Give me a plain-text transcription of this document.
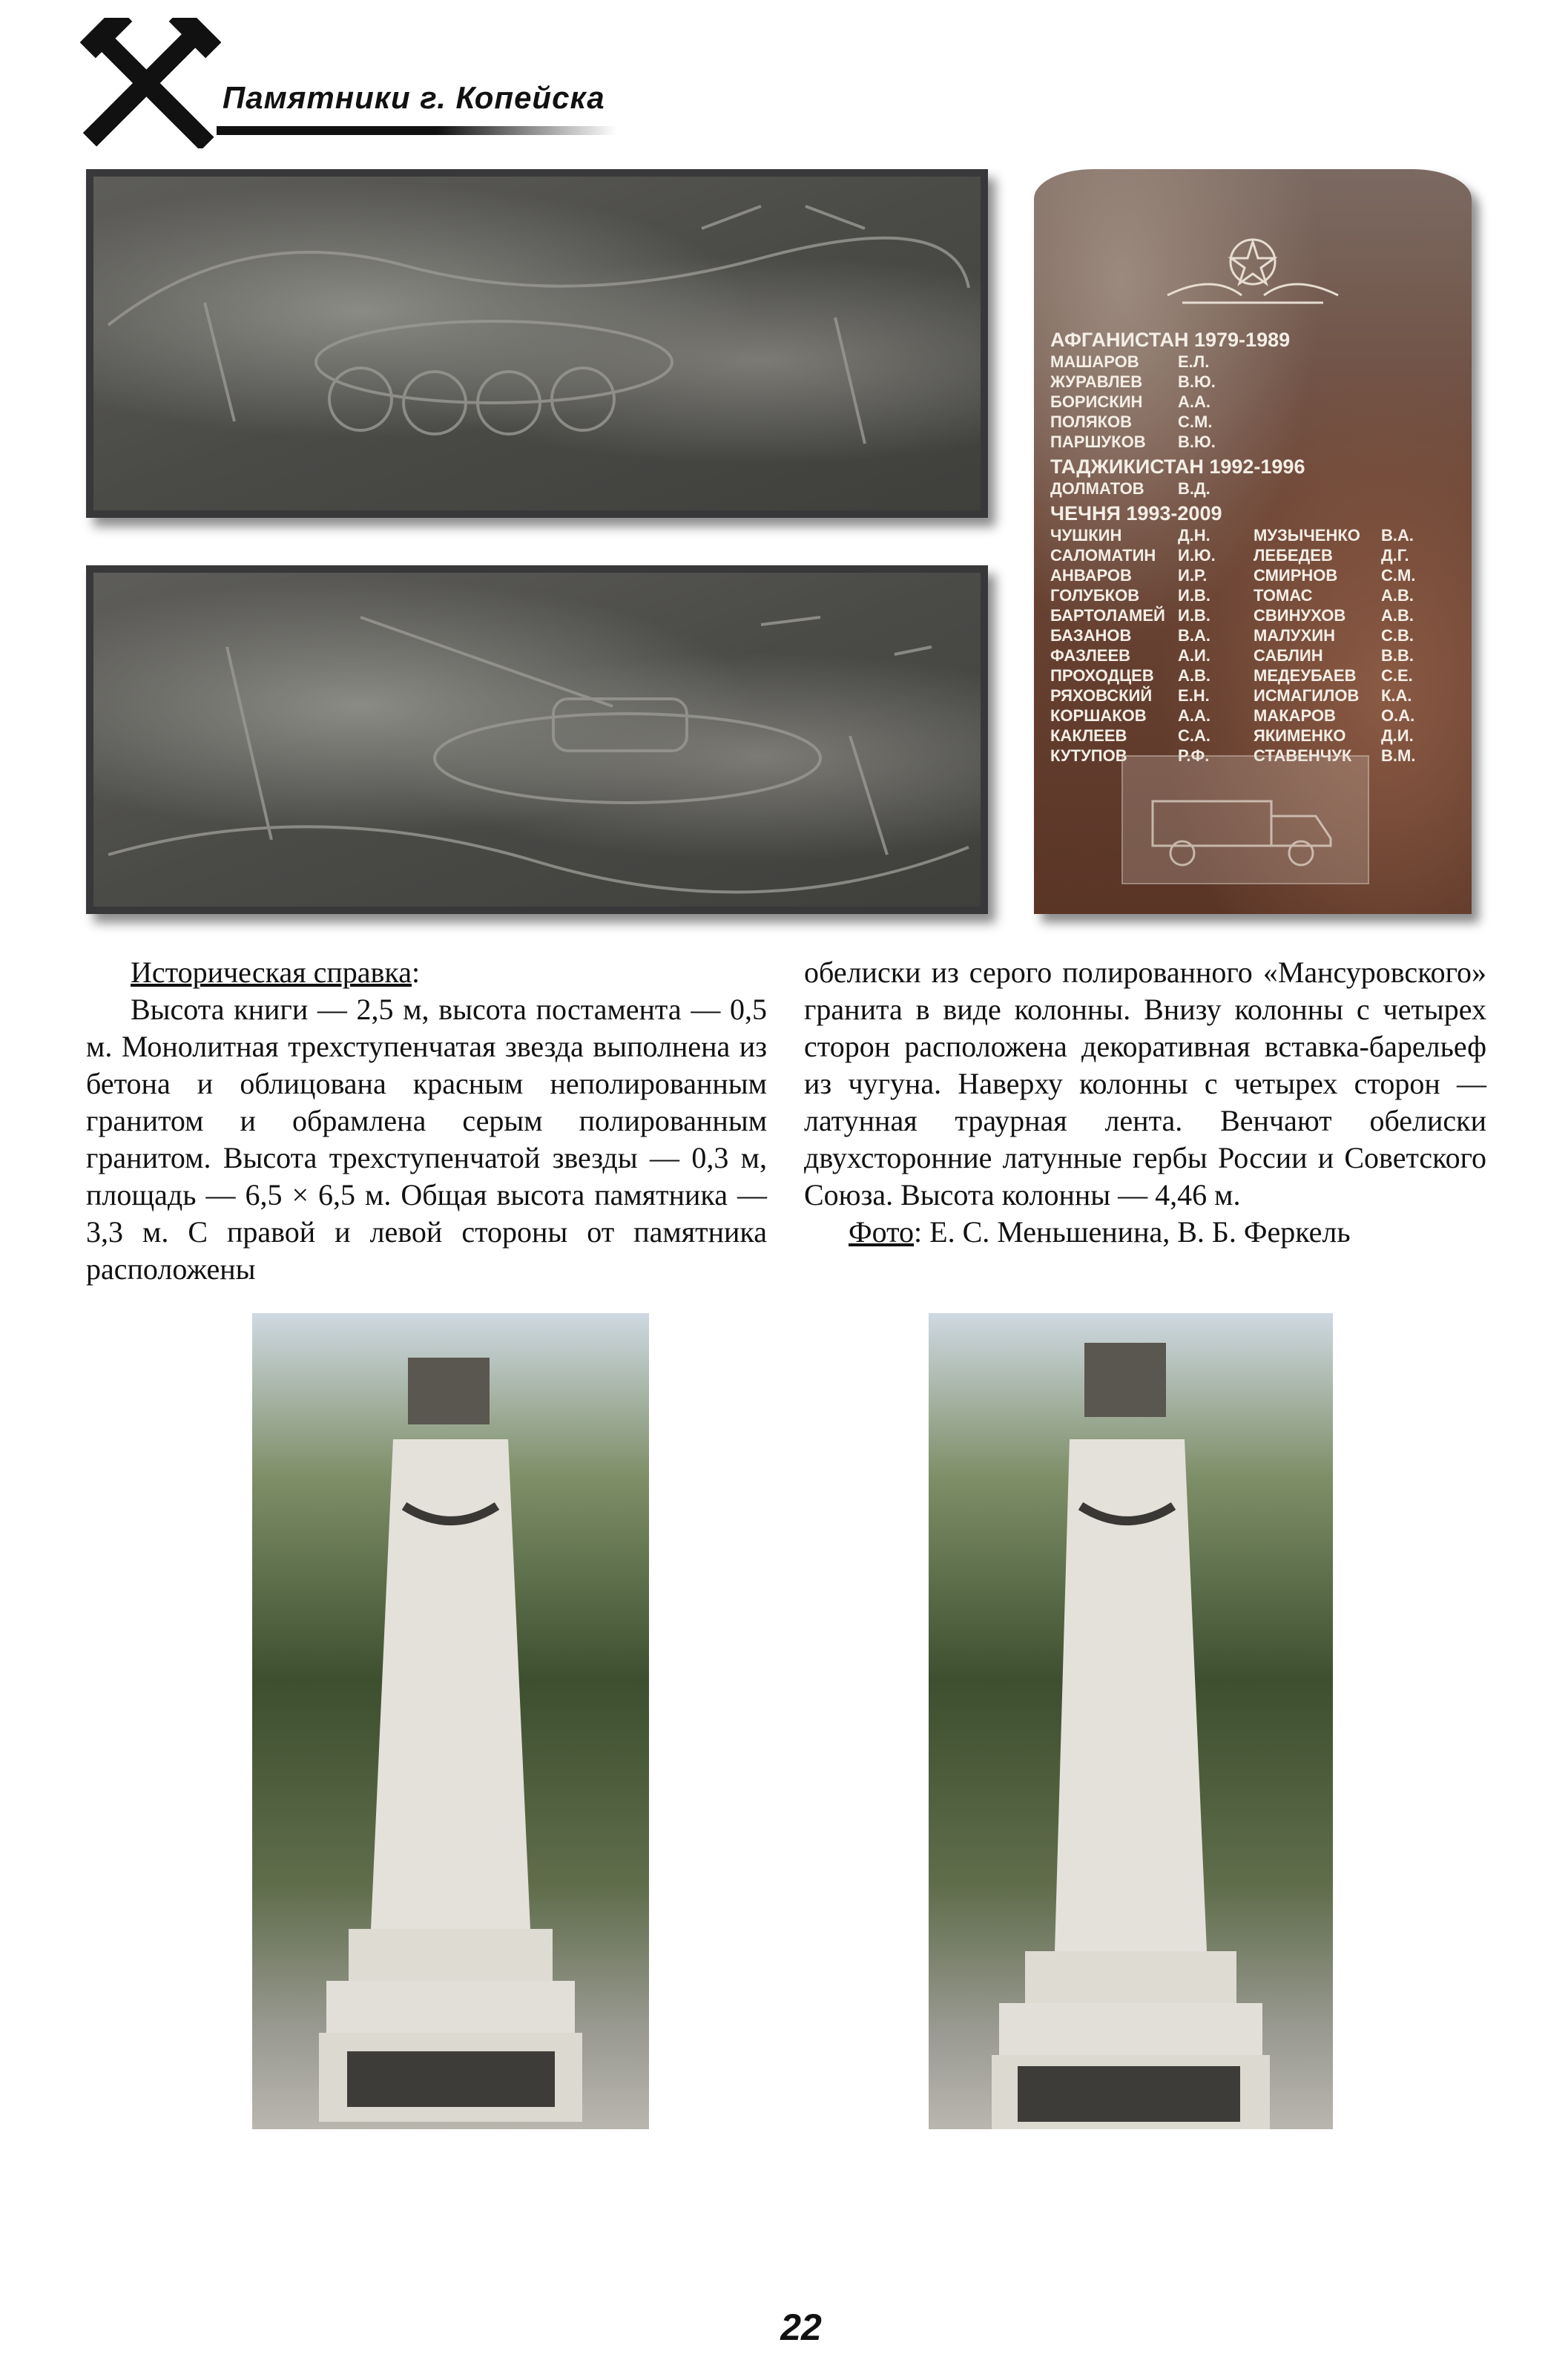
Памятники г. Копейска
АФГАНИСТАН 1979-1989
МАШАРОВ	Е.Л.
ЖУРАВЛЕВ	В.Ю.
БОРИСКИН	А.А.
ПОЛЯКОВ	С.М.
ПАРШУКОВ	В.Ю.
ТАДЖИКИСТАН 1992-1996
ДОЛМАТОВ	В.Д.
ЧЕЧНЯ 1993-2009
ЧУШКИН	Д.Н.	МУЗЫЧЕНКО	В.А.
САЛОМАТИН	И.Ю.	ЛЕБЕДЕВ	Д.Г.
АНВАРОВ	И.Р.	СМИРНОВ	С.М.
ГОЛУБКОВ	И.В.	ТОМАС	А.В.
БАРТОЛАМЕЙ И.В.	СВИНУХОВ	А.В.
БАЗАНОВ	В.А.	МАЛУХИН	С.В.
ФАЗЛЕЕВ	А.И.	САБЛИН	В.В.
ПРОХОДЦЕВ	А.В.	МЕДЕУБАЕВ	С.Е.
РЯХОВСКИЙ	Е.Н.	ИСМАГИЛОВ	К.А.
КОРШАКОВ	А.А.	МАКАРОВ	О.А.
КАКЛЕЕВ	С.А.	ЯКИМЕНКО	Д.И.
КУТУПОВ	Р.Ф.	СТАВЕНЧУК	В.М.

Историческая справка:

Высота книги — 2,5 м, высота постамента — 0,5 м. Монолитная трехступенчатая звезда выполнена из бетона и облицована красным неполированным гранитом и обрамлена серым полированным гранитом. Высота трехступенчатой звезды — 0,3 м, площадь — 6,5 × 6,5 м. Общая высота памятника — 3,3 м. С правой и левой стороны от памятника расположены

обелиски из серого полированного «Мансуровского» гранита в виде колонны. Внизу колонны с четырех сторон расположена декоративная вставка-барельеф из чугуна. Наверху колонны с четырех сторон — латунная траурная лента. Венчают обелиски двухсторонние латунные гербы России и Советского Союза. Высота колонны — 4,46 м.

Фото: Е. С. Меньшенина, В. Б. Феркель

22
